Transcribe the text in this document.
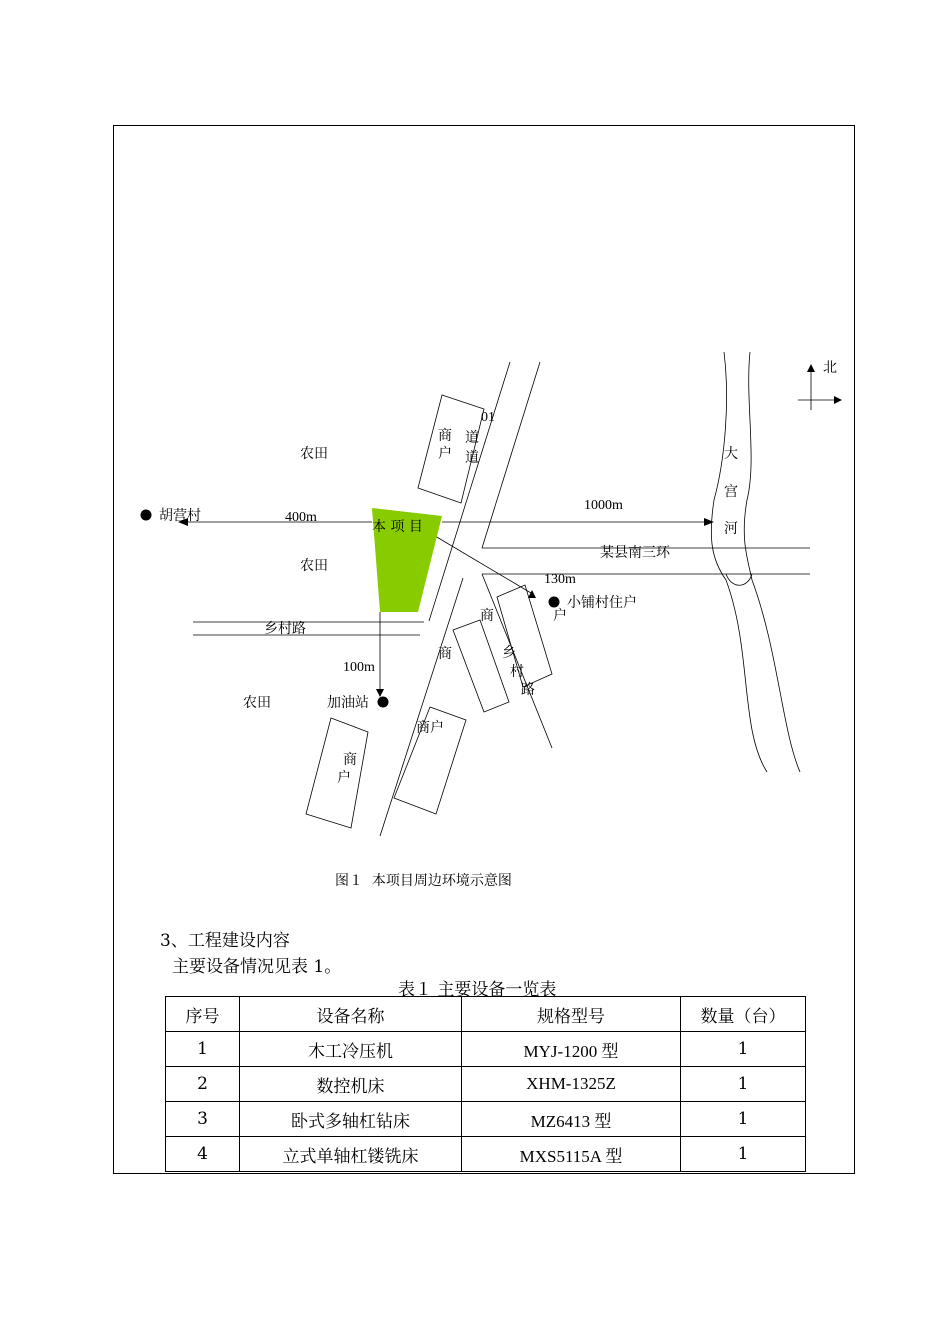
北
01
商
户
道
道
农田	大
宫
河
1000m
胡营村	400m
本 项 目
某县南三环
农田
130m
小铺村住户
商	户
乡村路
乡
商
100m	村
路
农田	加油站
商户
商
户
图１  本项目周边环境示意图
3、工程建设内容
主要设备情况见表 1。
表１ 主要设备一览表
序号	设备名称	规格型号	数量（台）
1	木工冷压机	MYJ-1200 型	1
2	数控机床	XHM-1325Z	1
3	卧式多轴杠钻床	MZ6413 型	1
4	立式单轴杠镂铣床	MXS5115A 型	1
